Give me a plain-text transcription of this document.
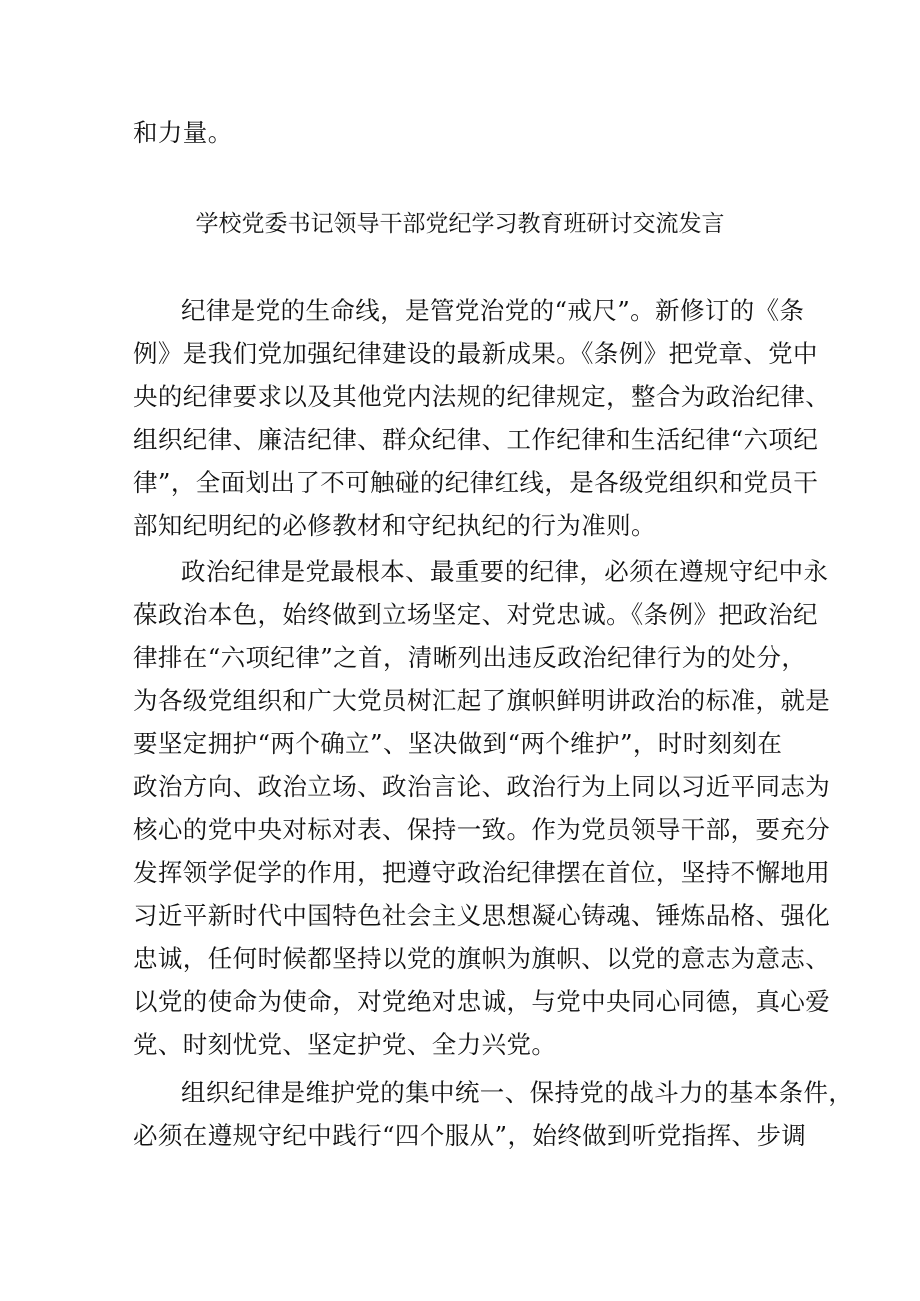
和力量。
学校党委书记领导干部党纪学习教育班研讨交流发言
纪律是党的生命线，是管党治党的“戒尺”。新修订的《条
例》是我们党加强纪律建设的最新成果。《条例》把党章、党中
央的纪律要求以及其他党内法规的纪律规定，整合为政治纪律、
组织纪律、廉洁纪律、群众纪律、工作纪律和生活纪律“六项纪
律”，全面划出了不可触碰的纪律红线，是各级党组织和党员干
部知纪明纪的必修教材和守纪执纪的行为准则。
政治纪律是党最根本、最重要的纪律，必须在遵规守纪中永
葆政治本色，始终做到立场坚定、对党忠诚。《条例》把政治纪
律排在“六项纪律”之首，清晰列出违反政治纪律行为的处分，
为各级党组织和广大党员树汇起了旗帜鲜明讲政治的标准，就是
要坚定拥护“两个确立”、坚决做到“两个维护”，时时刻刻在
政治方向、政治立场、政治言论、政治行为上同以习近平同志为
核心的党中央对标对表、保持一致。作为党员领导干部，要充分
发挥领学促学的作用，把遵守政治纪律摆在首位，坚持不懈地用
习近平新时代中国特色社会主义思想凝心铸魂、锤炼品格、强化
忠诚，任何时候都坚持以党的旗帜为旗帜、以党的意志为意志、
以党的使命为使命，对党绝对忠诚，与党中央同心同德，真心爱
党、时刻忧党、坚定护党、全力兴党。
组织纪律是维护党的集中统一、保持党的战斗力的基本条件，
必须在遵规守纪中践行“四个服从”，始终做到听党指挥、步调
